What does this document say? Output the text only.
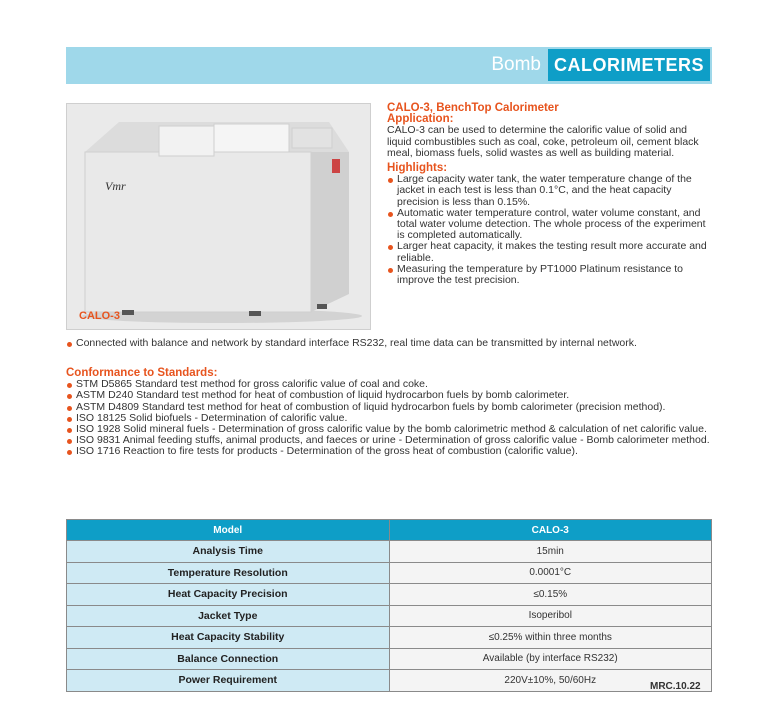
Bomb CALORIMETERS
Vmr
CALO-3
CALO-3, BenchTop Calorimeter
Application:
CALO-3 can be used to determine the calorific value of solid and liquid combustibles such as coal, coke, petroleum oil, cement black meal, biomass fuels, solid wastes as well as building material.
Highlights:
Large capacity water tank, the water temperature change of the jacket in each test is less than 0.1°C, and the heat capacity precision is less than 0.15%.
Automatic water temperature control, water volume constant, and total water volume detection. The whole process of the experiment is completed automatically.
Larger heat capacity, it makes the testing result more accurate and reliable.
Measuring the temperature by PT1000 Platinum resistance to improve the test precision.
Connected with balance and network by standard interface RS232, real time data can be transmitted by internal network.
Conformance to Standards:
STM D5865 Standard test method for gross calorific value of coal and coke.
ASTM D240 Standard test method for heat of combustion of liquid hydrocarbon fuels by bomb calorimeter.
ASTM D4809 Standard test method for heat of combustion of liquid hydrocarbon fuels by bomb calorimeter (precision method).
ISO 18125 Solid biofuels - Determination of calorific value.
ISO 1928 Solid mineral fuels - Determination of gross calorific value by the bomb calorimetric method & calculation of net calorific value.
ISO 9831 Animal feeding stuffs, animal products, and faeces or urine - Determination of gross calorific value - Bomb calorimeter method.
ISO 1716 Reaction to fire tests for products - Determination of the gross heat of combustion (calorific value).
Model	CALO-3
Analysis Time	15min
Temperature Resolution	0.0001°C
Heat Capacity Precision	≤0.15%
Jacket Type	Isoperibol
Heat Capacity Stability	≤0.25% within three months
Balance Connection	Available (by interface RS232)
Power Requirement	220V±10%, 50/60Hz
MRC.10.22
